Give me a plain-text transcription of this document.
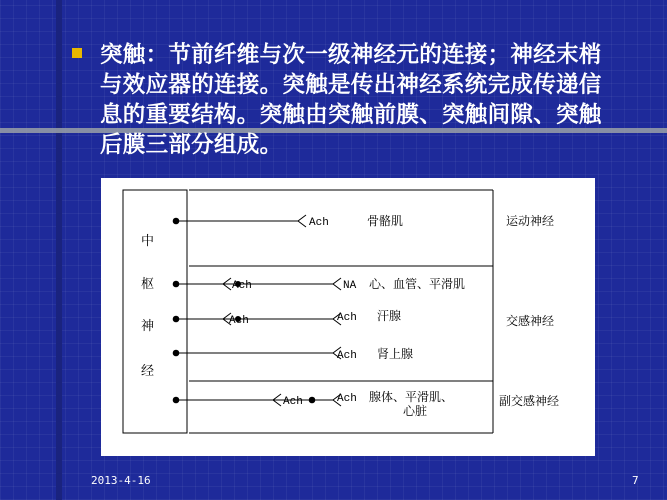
突触：节前纤维与次一级神经元的连接；神经末梢与效应器的连接。突触是传出神经系统完成传递信息的重要结构。突触由突触前膜、突触间隙、突触后膜三部分组成。
中
枢
神
经
Ach
Ach	NA
Ach	Ach
Ach
Ach	Ach
骨骼肌
心、血管、平滑肌
汗腺
肾上腺
腺体、平滑肌、
心脏
运动神经
交感神经
副交感神经
2013-4-16	7
